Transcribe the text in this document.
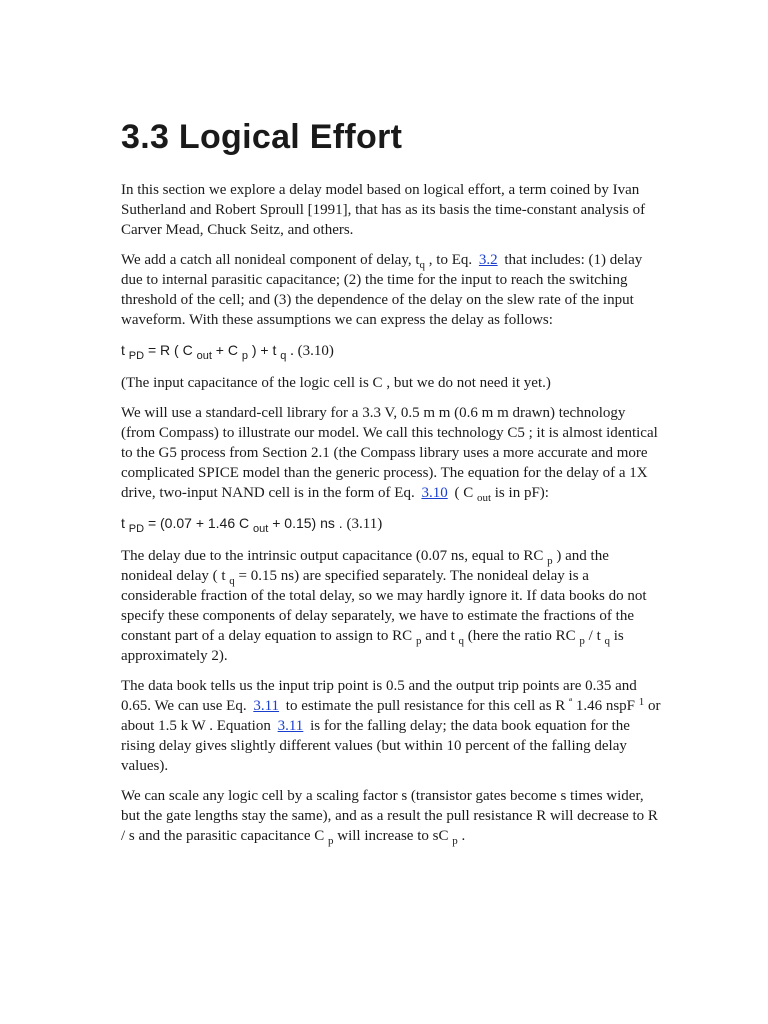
3.3 Logical Effort

In this section we explore a delay model based on logical effort, a term coined by Ivan Sutherland and Robert Sproull [1991], that has as its basis the time-constant analysis of Carver Mead, Chuck Seitz, and others.

We add a catch all nonideal component of delay, $t_q$ , to Eq. 3.2 that includes: (1) delay due to internal parasitic capacitance; (2) the time for the input to reach the switching threshold of the cell; and (3) the dependence of the delay on the slew rate of the input waveform. With these assumptions we can express the delay as follows:

t $_{PD}$ = R ( C $_{out}$ + C $_p$ ) + t $_q$ . (3.10)

(The input capacitance of the logic cell is C , but we do not need it yet.)

We will use a standard-cell library for a 3.3 V, 0.5 m m (0.6 m m drawn) technology (from Compass) to illustrate our model. We call this technology C5 ; it is almost identical to the G5 process from Section 2.1 (the Compass library uses a more accurate and more complicated SPICE model than the generic process). The equation for the delay of a 1X drive, two-input NAND cell is in the form of Eq. 3.10 ( C $_{out}$ is in pF):

t $_{PD}$ = (0.07 + 1.46 C $_{out}$ + 0.15) ns . (3.11)

The delay due to the intrinsic output capacitance (0.07 ns, equal to RC $_p$ ) and the nonideal delay ( t $_q$ = 0.15 ns) are specified separately. The nonideal delay is a considerable fraction of the total delay, so we may hardly ignore it. If data books do not specify these components of delay separately, we have to estimate the fractions of the constant part of a delay equation to assign to RC $_p$ and t $_q$ (here the ratio RC $_p$ / t $_q$ is approximately 2).

The data book tells us the input trip point is 0.5 and the output trip points are 0.35 and 0.65. We can use Eq. 3.11 to estimate the pull resistance for this cell as R $^ª$ 1.46 nspF $^1$ or about 1.5 k W . Equation 3.11 is for the falling delay; the data book equation for the rising delay gives slightly different values (but within 10 percent of the falling delay values).

We can scale any logic cell by a scaling factor s (transistor gates become s times wider, but the gate lengths stay the same), and as a result the pull resistance R will decrease to R / s and the parasitic capacitance C $_p$ will increase to sC $_p$ .
